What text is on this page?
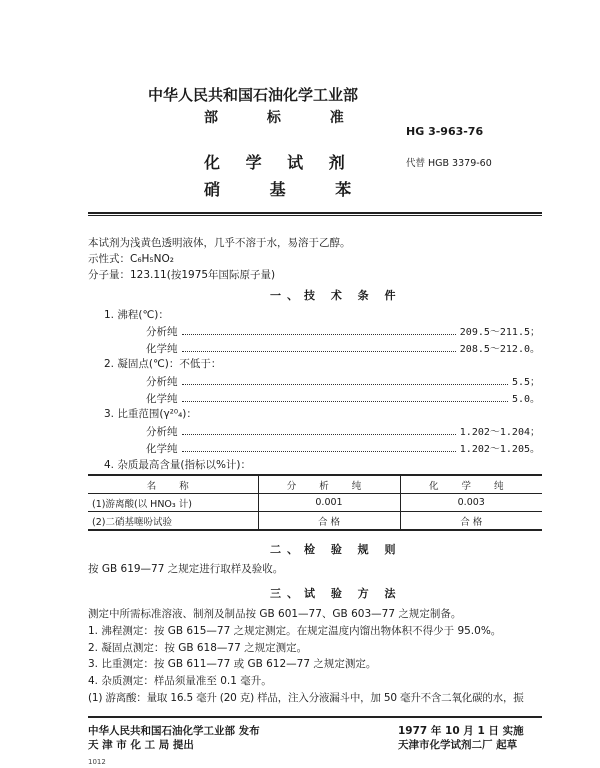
中华人民共和国石油化学工业部
部 标 准
HG 3-963-76
化 学 试 剂	代替 HGB 3379-60
硝 基 苯
本试剂为浅黄色透明液体，几乎不溶于水，易溶于乙醇。
示性式：C₆H₅NO₂
分子量：123.11(按1975年国际原子量)
一、技 术 条 件
1. 沸程(℃)：
分析纯	209.5～211.5；
化学纯	208.5～212.0。
2. 凝固点(℃)：不低于：
分析纯	5.5；
化学纯	5.0。
3. 比重范围(γ²⁰₄)：
分析纯	1.202～1.204；
化学纯	1.202～1.205。
4. 杂质最高含量(指标以%计)：
名 称	分 析 纯	化 学 纯
(1)游离酸(以 HNO₃ 计)	0.001	0.003
(2)二硝基噻吩试验	合 格	合 格
二、检 验 规 则
按 GB 619—77 之规定进行取样及验收。
三、试 验 方 法
测定中所需标准溶液、制剂及制品按 GB 601—77、GB 603—77 之规定制备。
1. 沸程测定：按 GB 615—77 之规定测定。在规定温度内馏出物体积不得少于 95.0%。
2. 凝固点测定：按 GB 618—77 之规定测定。
3. 比重测定：按 GB 611—77 或 GB 612—77 之规定测定。
4. 杂质测定：样品须量准至 0.1 毫升。
(1) 游离酸：量取 16.5 毫升 (20 克) 样品，注入分液漏斗中，加 50 毫升不含二氧化碳的水，振
中华人民共和国石油化学工业部 发布
天 津 市 化 工 局 提出
1977 年 10 月 1 日 实施
天津市化学试剂二厂 起草
1012
